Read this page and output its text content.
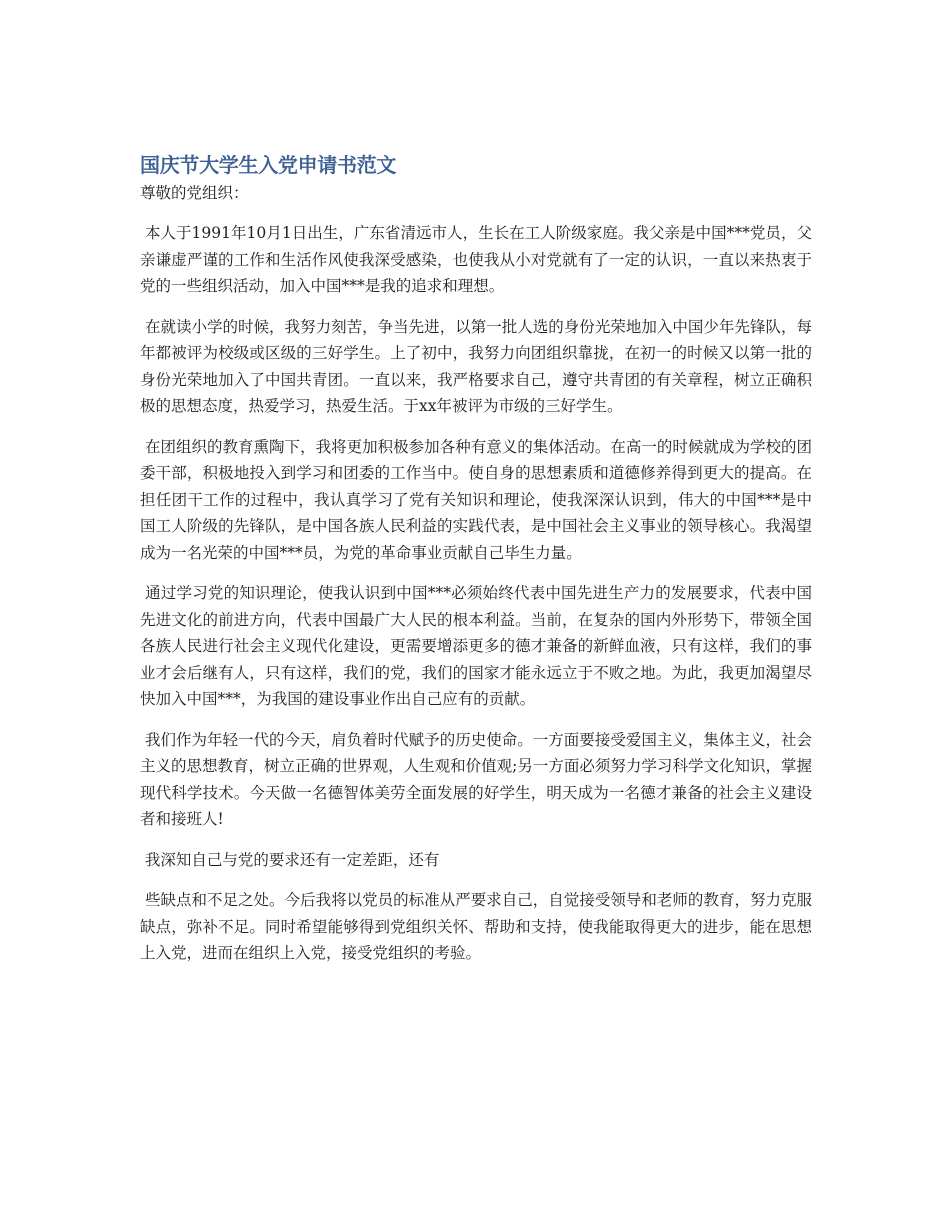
国庆节大学生入党申请书范文

尊敬的党组织：

本人于1991年10月1日出生，广东省清远市人，生长在工人阶级家庭。我父亲是中国***党员，父亲谦虚严谨的工作和生活作风使我深受感染，也使我从小对党就有了一定的认识，一直以来热衷于党的一些组织活动，加入中国***是我的追求和理想。

在就读小学的时候，我努力刻苦，争当先进，以第一批人选的身份光荣地加入中国少年先锋队，每年都被评为校级或区级的三好学生。上了初中，我努力向团组织靠拢，在初一的时候又以第一批的身份光荣地加入了中国共青团。一直以来，我严格要求自己，遵守共青团的有关章程，树立正确积极的思想态度，热爱学习，热爱生活。于xx年被评为市级的三好学生。

在团组织的教育熏陶下，我将更加积极参加各种有意义的集体活动。在高一的时候就成为学校的团委干部，积极地投入到学习和团委的工作当中。使自身的思想素质和道德修养得到更大的提高。在担任团干工作的过程中，我认真学习了党有关知识和理论，使我深深认识到，伟大的中国***是中国工人阶级的先锋队，是中国各族人民利益的实践代表，是中国社会主义事业的领导核心。我渴望成为一名光荣的中国***员，为党的革命事业贡献自己毕生力量。

通过学习党的知识理论，使我认识到中国***必须始终代表中国先进生产力的发展要求，代表中国先进文化的前进方向，代表中国最广大人民的根本利益。当前，在复杂的国内外形势下，带领全国各族人民进行社会主义现代化建设，更需要增添更多的德才兼备的新鲜血液，只有这样，我们的事业才会后继有人，只有这样，我们的党，我们的国家才能永远立于不败之地。为此，我更加渴望尽快加入中国***，为我国的建设事业作出自己应有的贡献。

我们作为年轻一代的今天，肩负着时代赋予的历史使命。一方面要接受爱国主义，集体主义，社会主义的思想教育，树立正确的世界观，人生观和价值观;另一方面必须努力学习科学文化知识，掌握现代科学技术。今天做一名德智体美劳全面发展的好学生，明天成为一名德才兼备的社会主义建设者和接班人!

我深知自己与党的要求还有一定差距，还有

些缺点和不足之处。今后我将以党员的标准从严要求自己，自觉接受领导和老师的教育，努力克服缺点，弥补不足。同时希望能够得到党组织关怀、帮助和支持，使我能取得更大的进步，能在思想上入党，进而在组织上入党，接受党组织的考验。
